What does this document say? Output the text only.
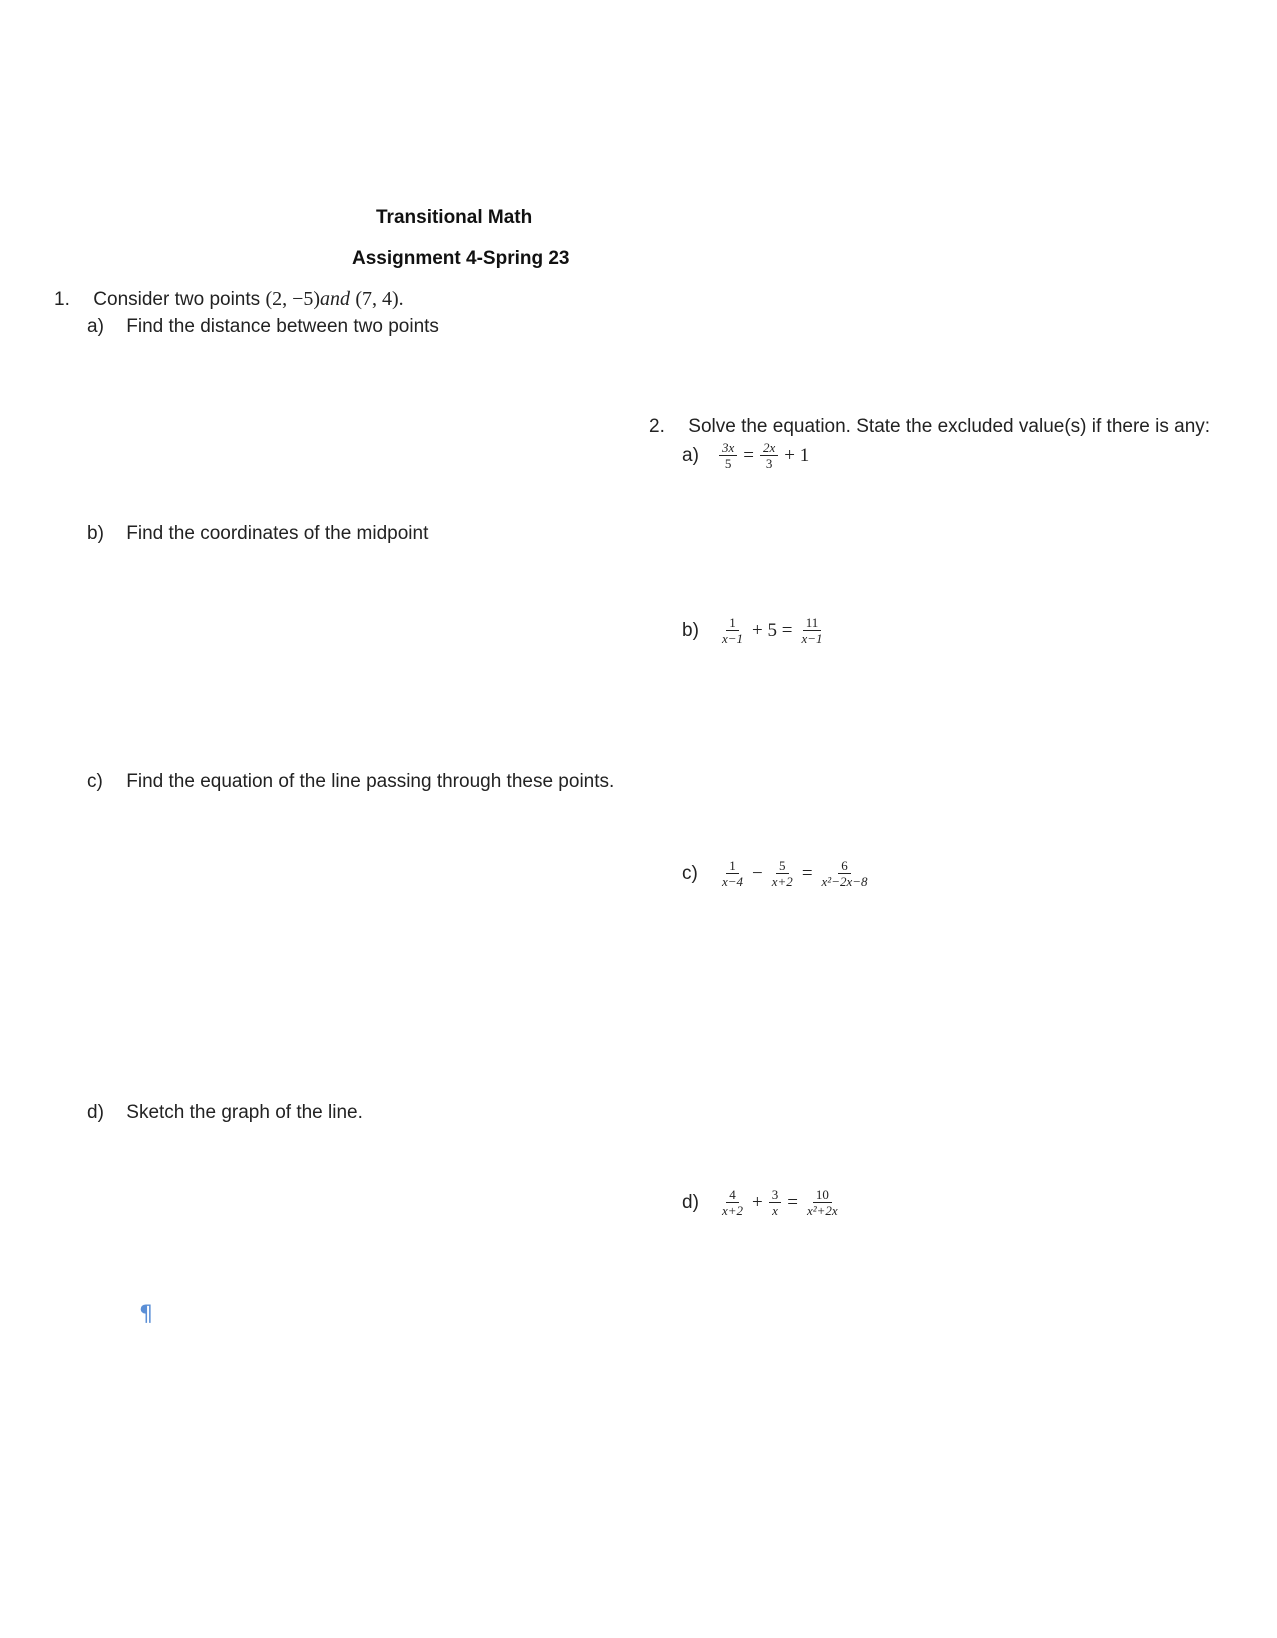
Transitional Math
Assignment 4-Spring 23
1. Consider two points (2, −5)and (7, 4).
a) Find the distance between two points
b) Find the coordinates of the midpoint
c) Find the equation of the line passing through these points.
d) Sketch the graph of the line.
2. Solve the equation. State the excluded value(s) if there is any:
a)	$\frac{3x}{5} = \frac{2x}{3} + 1$
b)	$\frac{1}{x-1} + 5 = \frac{11}{x-1}$
c)	$\frac{1}{x-4} - \frac{5}{x+2} = \frac{6}{\text{x²−2x−8}}$
d)	$\frac{4}{x+2} + \frac{3}{x} = \frac{10}{\text{x²+2x}}$
¶
